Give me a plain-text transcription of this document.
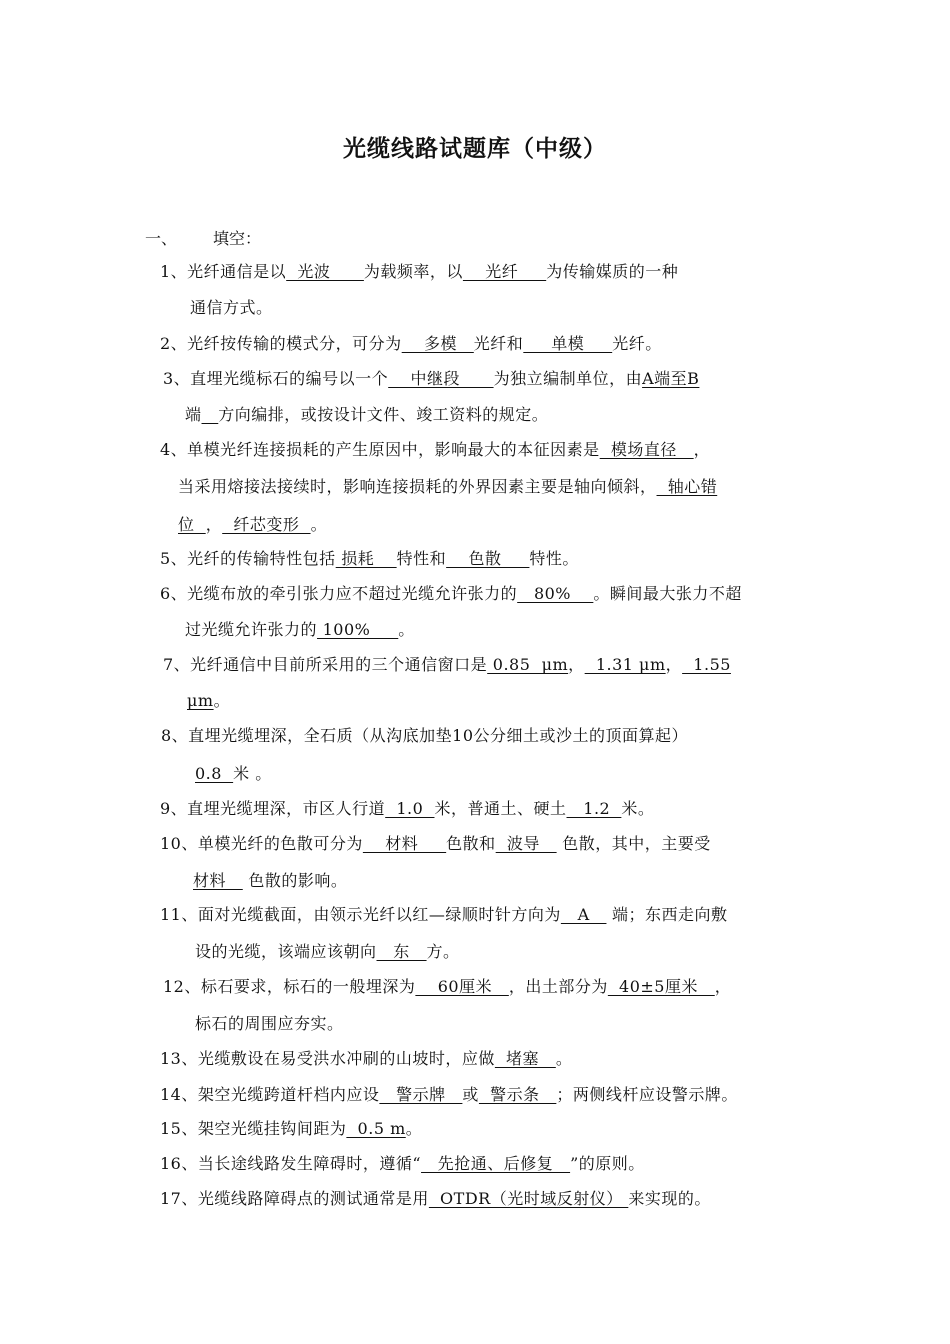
光缆线路试题库（中级）
一、 填空：
1、光纤通信是以  光波      为载频率，以    光纤     为传输媒质的一种
通信方式。
2、光纤按传输的模式分，可分为    多模   光纤和     单模     光纤。
3、直埋光缆标石的编号以一个    中继段      为独立编制单位，由A端至B
端 方向编排，或按设计文件、竣工资料的规定。
4、单模光纤连接损耗的产生原因中，影响最大的本征因素是  模场直径   ，
当采用熔接法接续时，影响连接损耗的外界因素主要是轴向倾斜，  轴心错
位  ，  纤芯变形  。
5、光纤的传输特性包括 损耗    特性和    色散     特性。
6、光缆布放的牵引张力应不超过光缆允许张力的   80%    。瞬间最大张力不超
过光缆允许张力的 100%     。
7、光纤通信中目前所采用的三个通信窗口是 0.85  μm，  1.31 μm，  1.55
μm。
8、直埋光缆埋深，全石质（从沟底加垫10公分细土或沙土的顶面算起）
0.8  米 。
9、直埋光缆埋深，市区人行道  1.0  米，普通土、硬土   1.2  米。
10、单模光纤的色散可分为    材料     色散和  波导    色散，其中，主要受
材料    色散的影响。
11、面对光缆截面，由领示光纤以红—绿顺时针方向为   A    端；东西走向敷
设的光缆，该端应该朝向   东   方。
12、标石要求，标石的一般埋深为    60厘米   ，出土部分为  40±5厘米   ，
标石的周围应夯实。
13、光缆敷设在易受洪水冲刷的山坡时，应做  堵塞   。
14、架空光缆跨道杆档内应设   警示牌   或  警示条   ；两侧线杆应设警示牌。
15、架空光缆挂钩间距为  0.5 m。
16、当长途线路发生障碍时，遵循“   先抢通、后修复   ”的原则。
17、光缆线路障碍点的测试通常是用  OTDR（光时域反射仪） 来实现的。
